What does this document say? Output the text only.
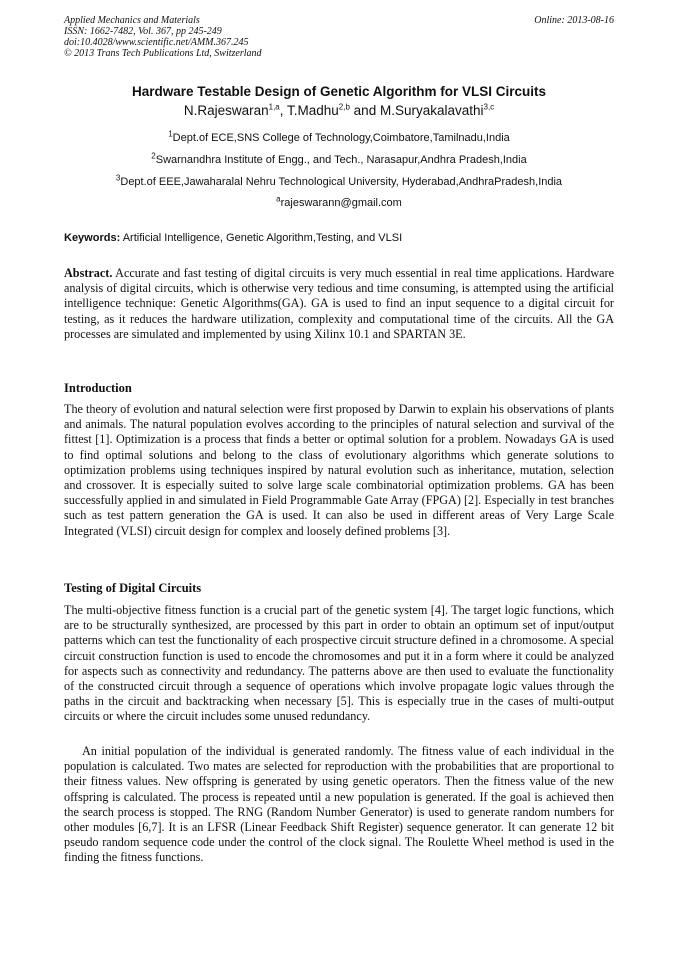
Applied Mechanics and Materials
ISSN: 1662-7482, Vol. 367, pp 245-249
doi:10.4028/www.scientific.net/AMM.367.245
© 2013 Trans Tech Publications Ltd, Switzerland
Online: 2013-08-16
Hardware Testable Design of Genetic Algorithm for VLSI Circuits
N.Rajeswaran$^{1,a}$, T.Madhu$^{2,b}$ and M.Suryakalavathi$^{3,c}$
$^1$Dept.of ECE,SNS College of Technology,Coimbatore,Tamilnadu,India
$^2$Swarnandhra Institute of Engg., and Tech., Narasapur,Andhra Pradesh,India
$^3$Dept.of EEE,Jawaharalal Nehru Technological University, Hyderabad,AndhraPradesh,India
$^a$rajeswarann@gmail.com
Keywords: Artificial Intelligence, Genetic Algorithm,Testing, and VLSI
Abstract. Accurate and fast testing of digital circuits is very much essential in real time applications. Hardware analysis of digital circuits, which is otherwise very tedious and time consuming, is attempted using the artificial intelligence technique: Genetic Algorithms(GA). GA is used to find an input sequence to a digital circuit for testing, as it reduces the hardware utilization, complexity and computational time of the circuits. All the GA processes are simulated and implemented by using Xilinx 10.1 and SPARTAN 3E.
Introduction
The theory of evolution and natural selection were first proposed by Darwin to explain his observations of plants and animals. The natural population evolves according to the principles of natural selection and survival of the fittest [1]. Optimization is a process that finds a better or optimal solution for a problem. Nowadays GA is used to find optimal solutions and belong to the class of evolutionary algorithms which generate solutions to optimization problems using techniques inspired by natural evolution such as inheritance, mutation, selection and crossover. It is especially suited to solve large scale combinatorial optimization problems. GA has been successfully applied in and simulated in Field Programmable Gate Array (FPGA) [2]. Especially in test branches such as test pattern generation the GA is used. It can also be used in different areas of Very Large Scale Integrated (VLSI) circuit design for complex and loosely defined problems [3].
Testing of Digital Circuits
The multi-objective fitness function is a crucial part of the genetic system [4]. The target logic functions, which are to be structurally synthesized, are processed by this part in order to obtain an optimum set of input/output patterns which can test the functionality of each prospective circuit structure defined in a chromosome. A special circuit construction function is used to encode the chromosomes and put it in a form where it could be analyzed for aspects such as connectivity and redundancy. The patterns above are then used to evaluate the functionality of the constructed circuit through a sequence of operations which involve propagate logic values through the paths in the circuit and backtracking when necessary [5]. This is especially true in the cases of multi-output circuits or where the circuit includes some unused redundancy.
An initial population of the individual is generated randomly. The fitness value of each individual in the population is calculated. Two mates are selected for reproduction with the probabilities that are proportional to their fitness values. New offspring is generated by using genetic operators. Then the fitness value of the new offspring is calculated. The process is repeated until a new population is generated. If the goal is achieved then the search process is stopped. The RNG (Random Number Generator) is used to generate random numbers for other modules [6,7]. It is an LFSR (Linear Feedback Shift Register) sequence generator. It can generate 12 bit pseudo random sequence code under the control of the clock signal. The Roulette Wheel method is used in the finding the fitness functions.
